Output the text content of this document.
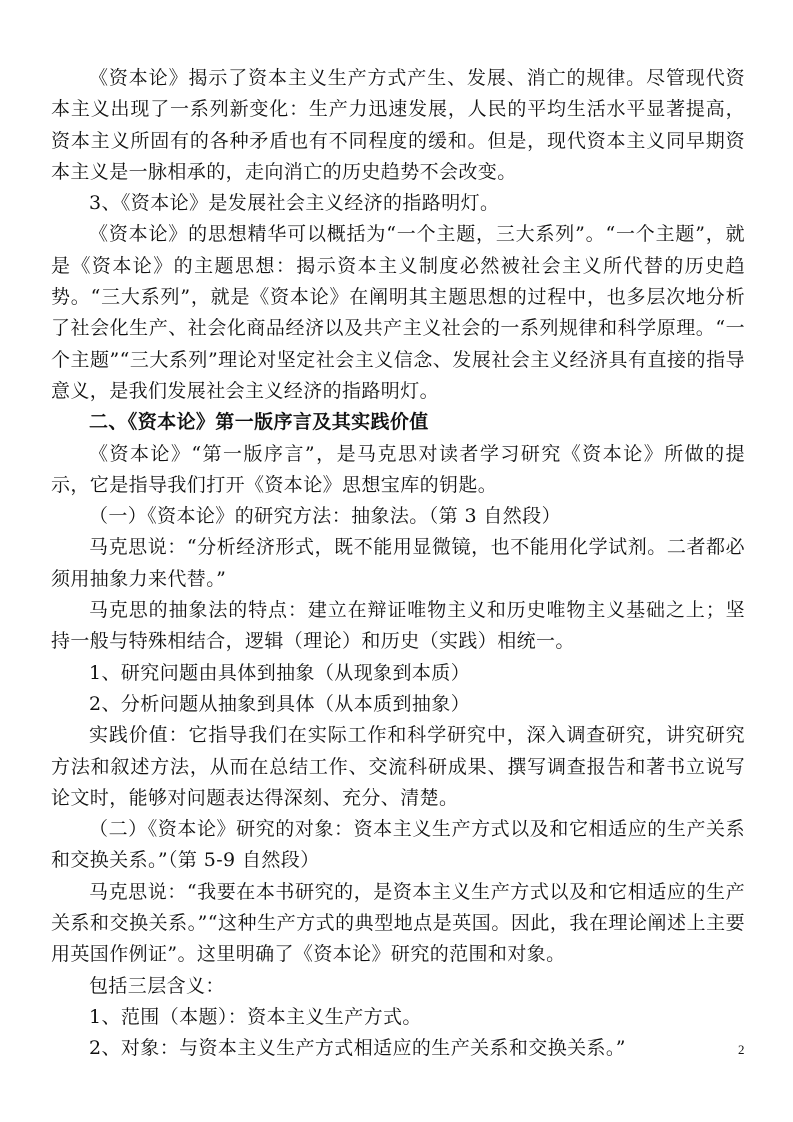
《资本论》揭示了资本主义生产方式产生、发展、消亡的规律。尽管现代资本主义出现了一系列新变化：生产力迅速发展，人民的平均生活水平显著提高，资本主义所固有的各种矛盾也有不同程度的缓和。但是，现代资本主义同早期资本主义是一脉相承的，走向消亡的历史趋势不会改变。

3、《资本论》是发展社会主义经济的指路明灯。

《资本论》的思想精华可以概括为“一个主题，三大系列”。“一个主题”，就是《资本论》的主题思想：揭示资本主义制度必然被社会主义所代替的历史趋势。“三大系列”，就是《资本论》在阐明其主题思想的过程中，也多层次地分析了社会化生产、社会化商品经济以及共产主义社会的一系列规律和科学原理。“一个主题”“三大系列”理论对坚定社会主义信念、发展社会主义经济具有直接的指导意义，是我们发展社会主义经济的指路明灯。

二、《资本论》第一版序言及其实践价值

《资本论》“第一版序言”，是马克思对读者学习研究《资本论》所做的提示，它是指导我们打开《资本论》思想宝库的钥匙。

（一）《资本论》的研究方法：抽象法。（第 3 自然段）

马克思说：“分析经济形式，既不能用显微镜，也不能用化学试剂。二者都必须用抽象力来代替。”

马克思的抽象法的特点：建立在辩证唯物主义和历史唯物主义基础之上；坚持一般与特殊相结合，逻辑（理论）和历史（实践）相统一。

1、研究问题由具体到抽象（从现象到本质）

2、分析问题从抽象到具体（从本质到抽象）

实践价值：它指导我们在实际工作和科学研究中，深入调查研究，讲究研究方法和叙述方法，从而在总结工作、交流科研成果、撰写调查报告和著书立说写论文时，能够对问题表达得深刻、充分、清楚。

（二）《资本论》研究的对象：资本主义生产方式以及和它相适应的生产关系和交换关系。”（第 5-9 自然段）

马克思说：“我要在本书研究的，是资本主义生产方式以及和它相适应的生产关系和交换关系。”“这种生产方式的典型地点是英国。因此，我在理论阐述上主要用英国作例证”。这里明确了《资本论》研究的范围和对象。

包括三层含义：

1、范围（本题）：资本主义生产方式。

2、对象：与资本主义生产方式相适应的生产关系和交换关系。”	2
